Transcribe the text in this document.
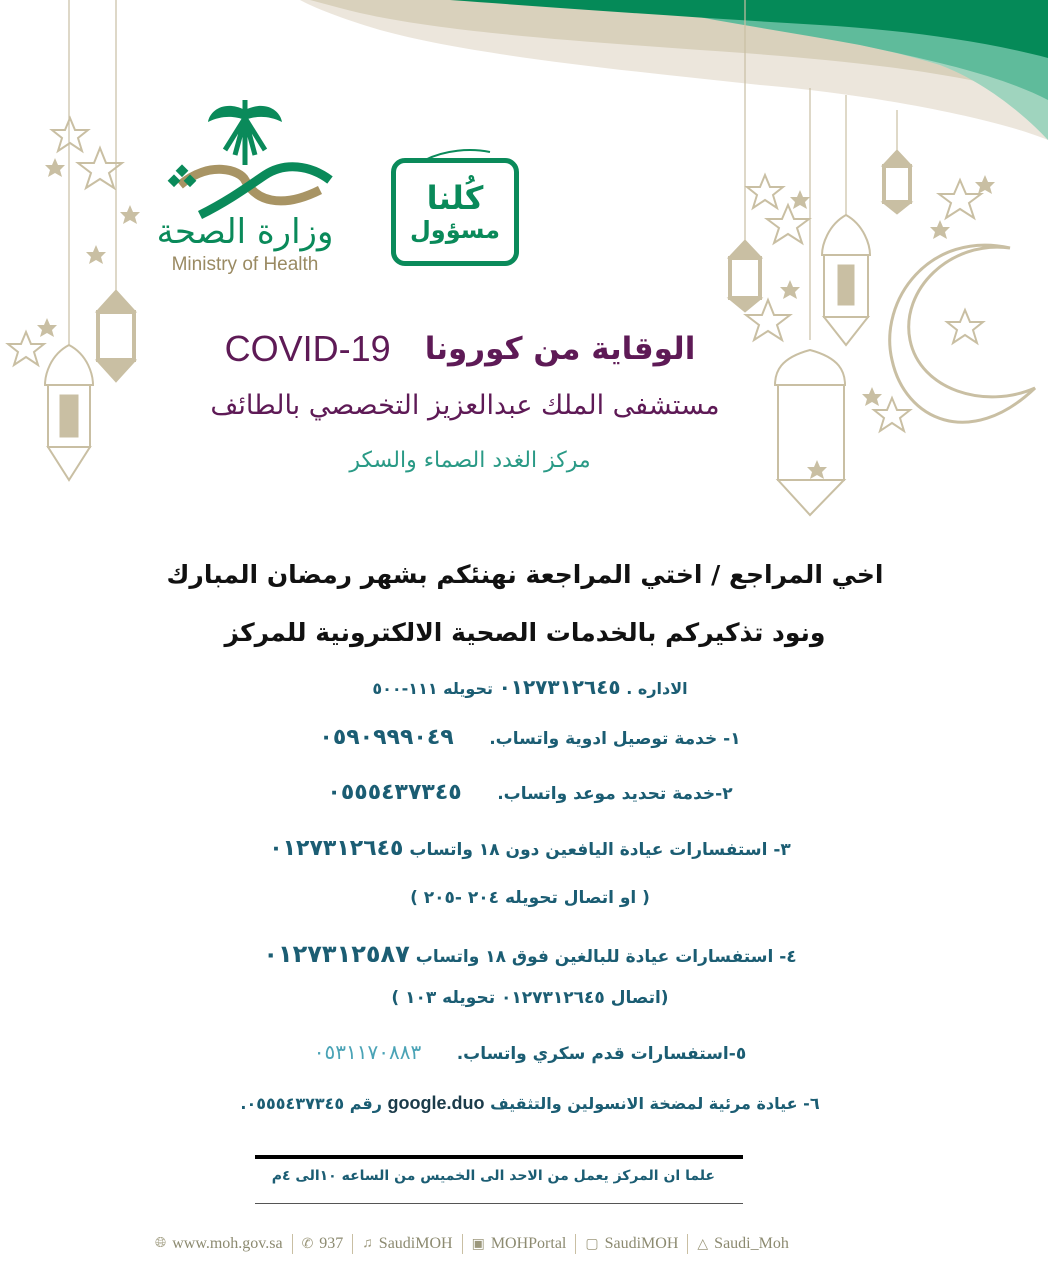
وزارة الصحة
Ministry of Health
كُلنا
مسؤول
COVID-19 الوقاية من كورونا
مستشفى الملك عبدالعزيز التخصصي بالطائف
مركز الغدد الصماء والسكر
اخي المراجع / اختي المراجعة نهنئكم بشهر رمضان المبارك
ونود تذكيركم بالخدمات الصحية الالكترونية للمركز
الاداره . ٠١٢٧٣١٢٦٤٥ تحويله ١١١-٥٠٠
١- خدمة توصيل ادوية واتساب.      ٠٥٩٠٩٩٩٠٤٩
٢-خدمة تحديد موعد واتساب.      ٠٥٥٥٤٣٧٣٤٥
٣- استفسارات عيادة اليافعين دون ١٨ واتساب ٠١٢٧٣١٢٦٤٥
( او اتصال تحويله ٢٠٤ -٢٠٥ )
٤- استفسارات عيادة للبالغين فوق ١٨ واتساب ٠١٢٧٣١٢٥٨٧
(اتصال ٠١٢٧٣١٢٦٤٥ تحويله ١٠٣ )
٥-استفسارات قدم سكري واتساب.      ٠٥٣١١٧٠٨٨٣
٦- عيادة مرئية لمضخة الانسولين والتثقيف google.duo رقم ٠٥٥٥٤٣٧٣٤٥.
علما ان المركز يعمل من الاحد الى الخميس من الساعه ١٠الى ٤م
🌐︎ www.moh.gov.sa ✆ 937 ♫ SaudiMOH ▣ MOHPortal ▢ SaudiMOH △ Saudi_Moh
